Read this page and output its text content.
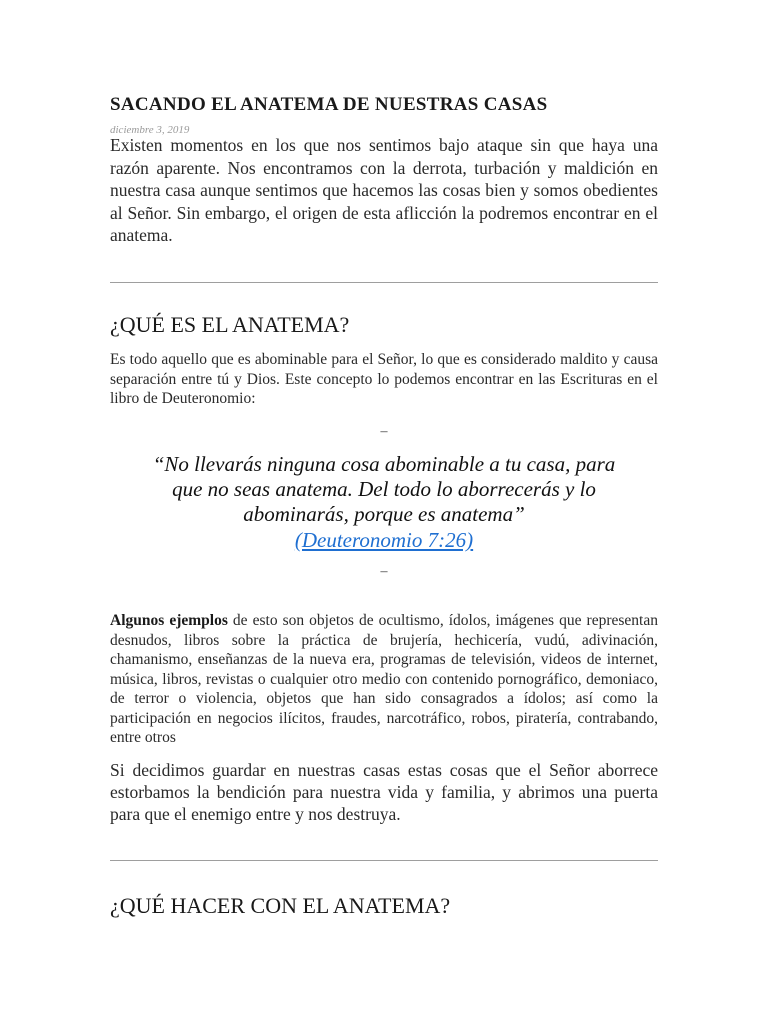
SACANDO EL ANATEMA DE NUESTRAS CASAS
diciembre 3, 2019
Existen momentos en los que nos sentimos bajo ataque sin que haya una razón aparente. Nos encontramos con la derrota, turbación y maldición en nuestra casa aunque sentimos que hacemos las cosas bien y somos obedientes al Señor. Sin embargo, el origen de esta aflicción la podremos encontrar en el anatema.
¿QUÉ ES EL ANATEMA?
Es todo aquello que es abominable para el Señor, lo que es considerado maldito y causa separación entre tú y Dios. Este concepto lo podemos encontrar en las Escrituras en el libro de Deuteronomio:
–
“No llevarás ninguna cosa abominable a tu casa, para
que no seas anatema. Del todo lo aborrecerás y lo
abominarás, porque es anatema”
(Deuteronomio 7:26)
–
Algunos ejemplos de esto son objetos de ocultismo, ídolos, imágenes que representan desnudos, libros sobre la práctica de brujería, hechicería, vudú, adivinación, chamanismo, enseñanzas de la nueva era, programas de televisión, videos de internet, música, libros, revistas o cualquier otro medio con contenido pornográfico, demoniaco, de terror o violencia, objetos que han sido consagrados a ídolos; así como la participación en negocios ilícitos, fraudes, narcotráfico, robos, piratería, contrabando, entre otros
Si decidimos guardar en nuestras casas estas cosas que el Señor aborrece estorbamos la bendición para nuestra vida y familia, y abrimos una puerta para que el enemigo entre y nos destruya.
¿QUÉ HACER CON EL ANATEMA?
